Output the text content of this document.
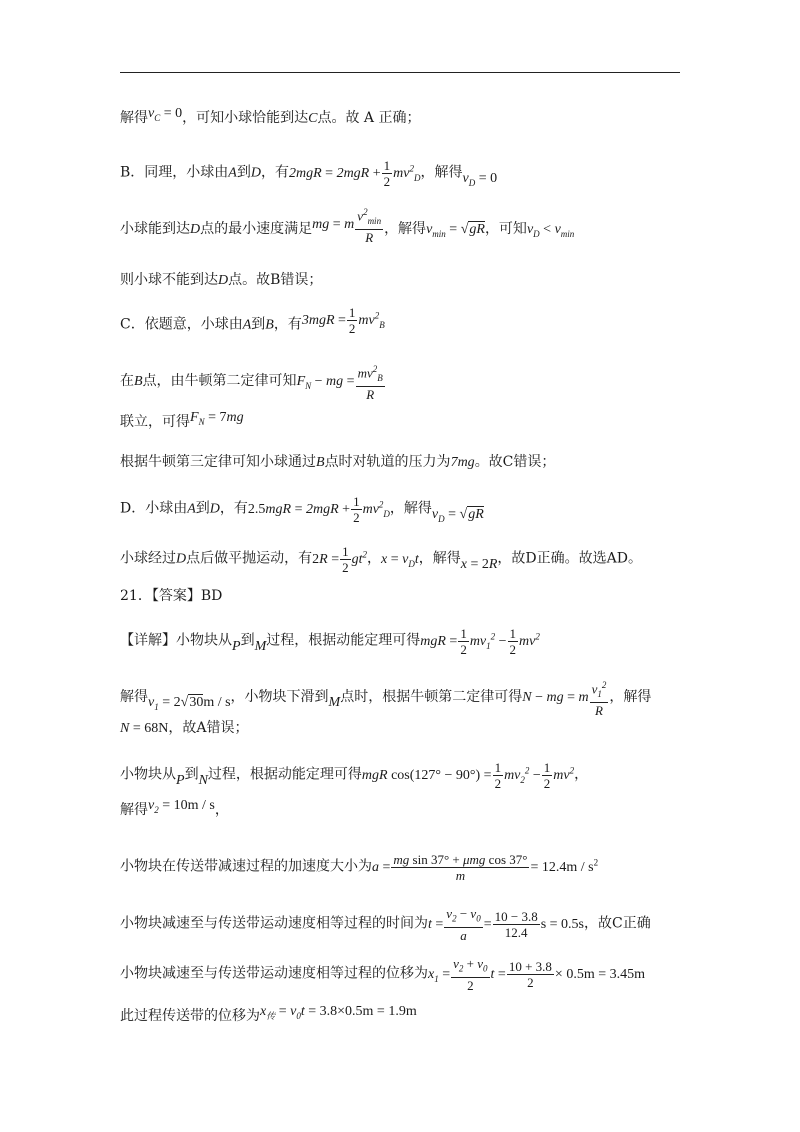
解得$v_C = 0$，可知小球恰能到达C点。故 A 正确；
B．同理，小球由A到D，有$2mgR = 2mgR + \frac{1}{2} mv^2_D$，解得$v_D = 0$
小球能到达D点的最小速度满足mg = m $\frac{v^2_{min}}{R}$ ，解得$v_{min} = √gR$，可知$v_D < v_{min}$
则小球不能到达D点。故B错误；
C．依题意，小球由A到B，有$3mgR = \frac{1}{2} mv^2_B$
在B点，由牛顿第二定律可知$F_N$ − mg = $\frac{mv^2_B}{R}$
联立，可得$F_N = 7mg$
根据牛顿第三定律可知小球通过B点时对轨道的压力为7mg。故C错误；
D．小球由A到D，有$2.5mgR = 2mgR + \frac{1}{2} mv^2_D$，解得$v_D = √gR$
小球经过D点后做平抛运动，有$2R = \frac{1}{2} gt^2$，$x = v_Dt$，解得x = 2R，故D正确。故选AD。
21．【答案】BD
【详解】小物块从P到M过程，根据动能定理可得mgR = $\frac{1}{2} mv_1^2 - \frac{1}{2} mv^2$
解得$v_1 = 2√30m / s$，小物块下滑到M点时，根据牛顿第二定律可得N − mg = m $\frac{v_1^2}{R}$ ，解得
N = 68N，故A错误；
小物块从P到N过程，根据动能定理可得mgR $\cos(127^\circ - 90^\circ) = \frac{1}{2} mv_2^2 - \frac{1}{2} mv^2$，
解得$v_2 = 10m / s$，
小物块在传送带减速过程的加速度大小为$a = \frac{\text{mg sin 37° + μmg cos 37°}}{m} = 12.4m / s^2$
小物块减速至与传送带运动速度相等过程的时间为$t = \frac{v_2 - v_0}{a} = \frac{10 - 3.8}{12.4}$ s = 0.5s，故C正确
小物块减速至与传送带运动速度相等过程的位移为$x_1 = \frac{v_2 + v_0}{2}$ $t = \frac{10 + 3.8}{2} \times 0.5m = 3.45m$
此过程传送带的位移为$x_传 = v_0t = 3.8\times 0.5m = 1.9m$
